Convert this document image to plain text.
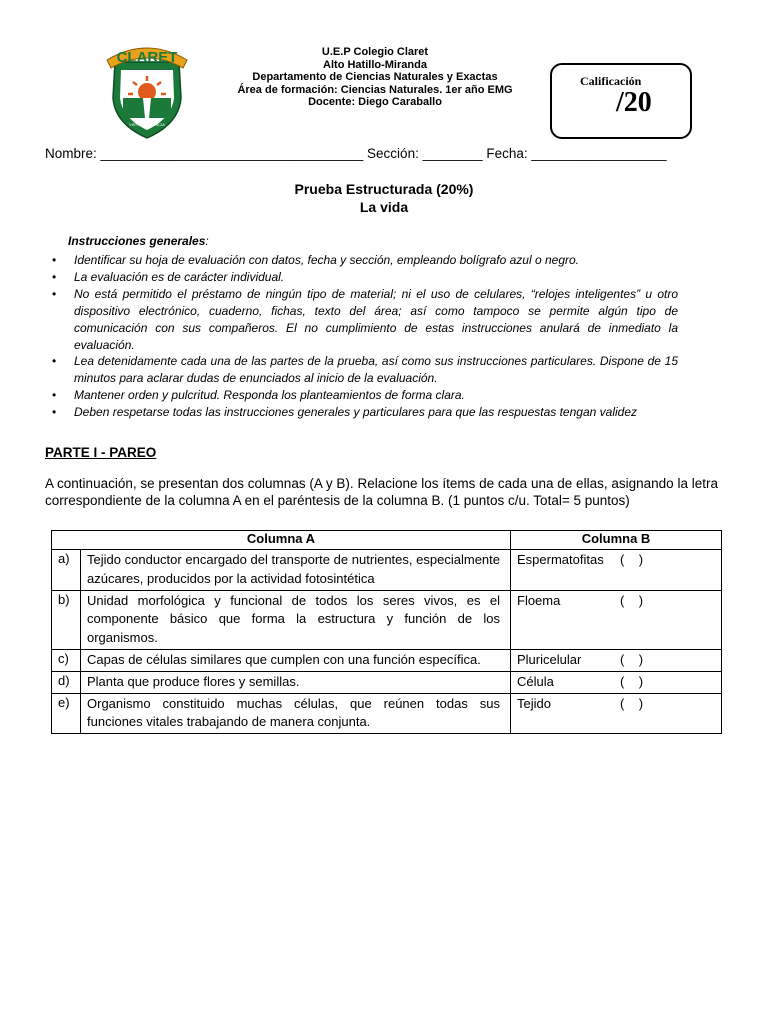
CLARET
VIRTUD Y CIENCIA
U.E.P Colegio Claret
Alto Hatillo-Miranda
Departamento de Ciencias Naturales y Exactas
Área de formación: Ciencias Naturales. 1er año EMG
Docente: Diego Caraballo
Calificación
/20
Nombre: ___________________________________ Sección: ________ Fecha: __________________
Prueba Estructurada (20%)
La vida
Instrucciones generales:
• Identificar su hoja de evaluación con datos, fecha y sección, empleando bolígrafo azul o negro.
• La evaluación es de carácter individual.
• No está permitido el préstamo de ningún tipo de material; ni el uso de celulares, “relojes inteligentes” u otro dispositivo electrónico, cuaderno, fichas, texto del área; así como tampoco se permite algún tipo de comunicación con sus compañeros. El no cumplimiento de estas instrucciones anulará de inmediato la evaluación.
• Lea detenidamente cada una de las partes de la prueba, así como sus instrucciones particulares. Dispone de 15 minutos para aclarar dudas de enunciados al inicio de la evaluación.
• Mantener orden y pulcritud. Responda los planteamientos de forma clara.
• Deben respetarse todas las instrucciones generales y particulares para que las respuestas tengan validez
PARTE I - PAREO
A continuación, se presentan dos columnas (A y B). Relacione los ítems de cada una de ellas, asignando la letra correspondiente de la columna A en el paréntesis de la columna B. (1 puntos c/u. Total= 5 puntos)
Columna A		Columna B
a)	Tejido conductor encargado del transporte de nutrientes, especialmente azúcares, producidos por la actividad fotosintética	Espermatofitas (    )

b)	Unidad morfológica y funcional de todos los seres vivos, es el componente básico que forma la estructura y función de los organismos.	Floema (    )

c)	Capas de células similares que cumplen con una función específica.	Pluricelular (    )

d)	Planta que produce flores y semillas.	Célula (    )

e)	Organismo constituido muchas células, que reúnen todas sus funciones vitales trabajando de manera conjunta.	Tejido (    )
